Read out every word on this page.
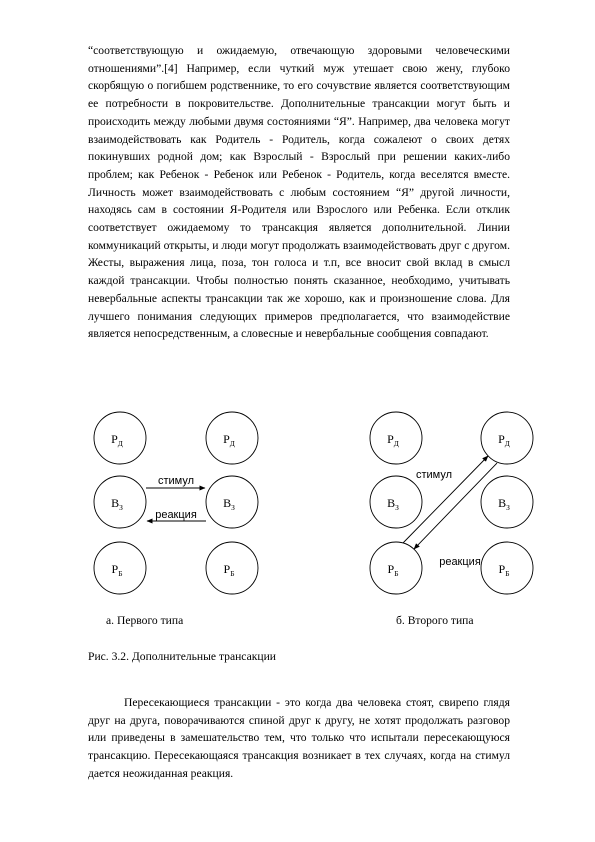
“соответствующую и ожидаемую, отвечающую здоровыми человеческими отношениями”.[4] Например, если чуткий муж утешает свою жену, глубоко скорбящую о погибшем родственнике, то его сочувствие является соответствующим ее потребности в покровительстве. Дополнительные трансакции могут быть и происходить между любыми двумя состояниями “Я”. Например, два человека могут взаимодействовать как Родитель - Родитель, когда сожалеют о своих детях покинувших родной дом; как Взрослый - Взрослый при решении каких-либо проблем; как Ребенок - Ребенок или Ребенок - Родитель, когда веселятся вместе. Личность может взаимодействовать с любым состоянием “Я” другой личности, находясь сам в состоянии Я-Родителя или Взрослого или Ребенка. Если отклик соответствует ожидаемому то трансакция является дополнительной. Линии коммуникаций открыты, и люди могут продолжать взаимодействовать друг с другом. Жесты, выражения лица, поза, тон голоса и т.п, все вносит свой вклад в смысл каждой трансакции. Чтобы полностью понять сказанное, необходимо, учитывать невербальные аспекты трансакции так же хорошо, как и произношение слова. Для лучшего понимания следующих примеров предполагается, что взаимодействие является непосредственным, а словесные и невербальные сообщения совпадают.

$Р_Д$	$Р_Д$
$В_З$	$В_З$
$Р_Б$	$Р_Б$
стимул
реакция
$Р_Д$	$Р_Д$
$В_З$	$В_З$
$Р_Б$	$Р_Б$
стимул
реакция
а. Первого типа	б. Второго типа
Рис. 3.2. Дополнительные трансакции

Пересекающиеся трансакции - это когда два человека стоят, свирепо глядя друг на друга, поворачиваются спиной друг к другу, не хотят продолжать разговор или приведены в замешательство тем, что только что испытали пересекающуюся трансакцию. Пересекающаяся трансакция возникает в тех случаях, когда на стимул дается неожиданная реакция.
